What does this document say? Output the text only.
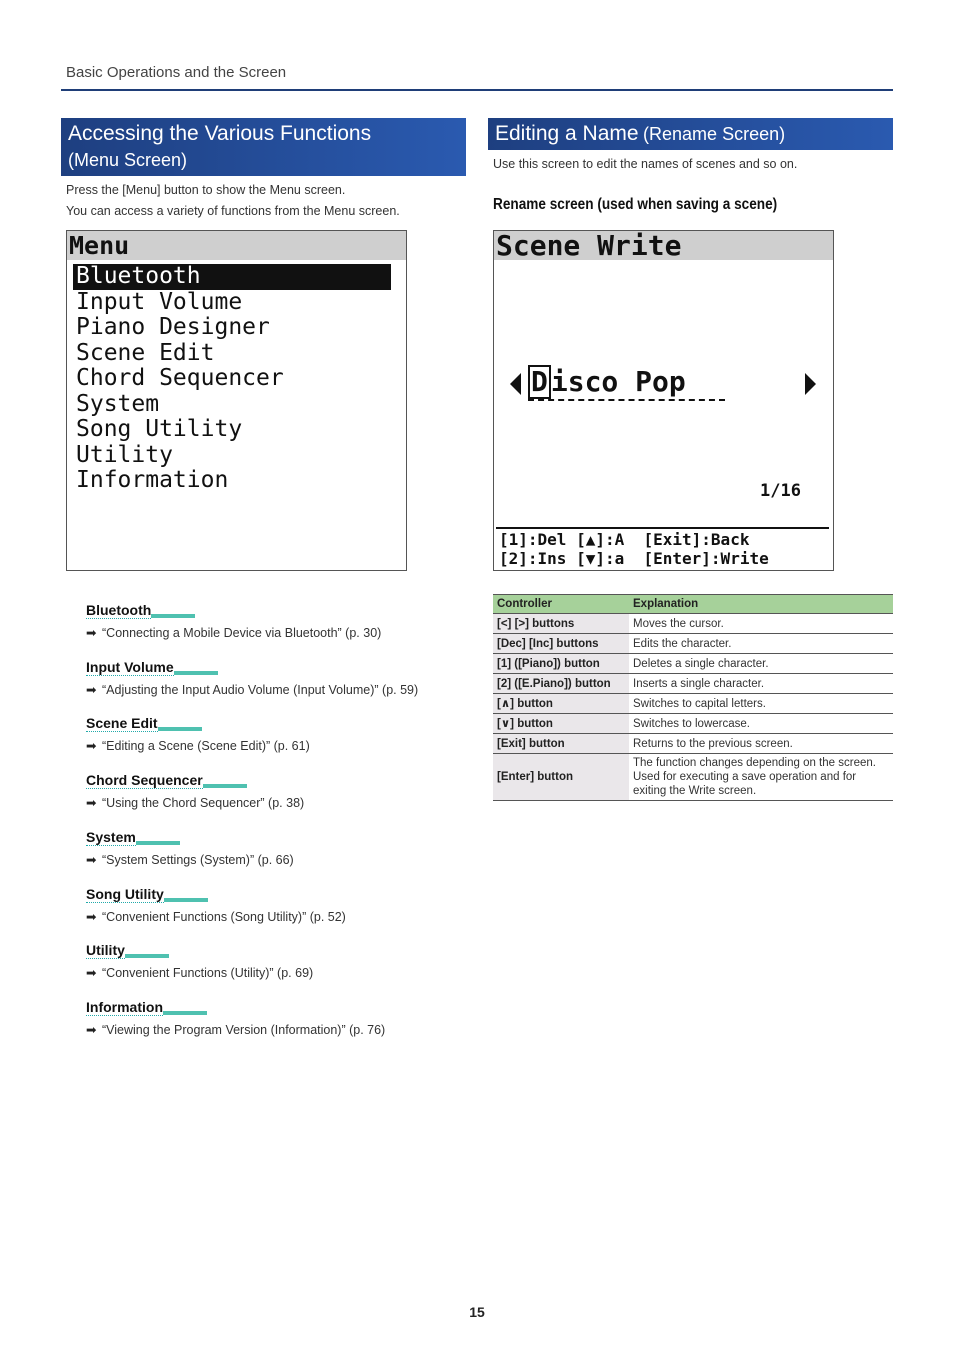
Basic Operations and the Screen
Accessing the Various Functions
(Menu Screen)
Press the [Menu] button to show the Menu screen.
You can access a variety of functions from the Menu screen.
Menu
Bluetooth
Input Volume
Piano Designer
Scene Edit
Chord Sequencer
System
Song Utility
Utility
Information
Editing a Name (Rename Screen)
Use this screen to edit the names of scenes and so on.
Rename screen (used when saving a scene)
Scene Write
D isco Pop
1/16
[1]:Del [▲]:A  [Exit]:Back
[2]:Ins [▼]:a  [Enter]:Write
Controller	Explanation
[<] [>] buttons	Moves the cursor.
[Dec] [Inc] buttons	Edits the character.
[1] ([Piano]) button	Deletes a single character.
[2] ([E.Piano]) button	Inserts a single character.
[∧] button	Switches to capital letters.
[∨] button	Switches to lowercase.
[Exit] button	Returns to the previous screen.
[Enter] button	The function changes depending on the screen. Used for executing a save operation and for exiting the Write screen.
Bluetooth
➡ “Connecting a Mobile Device via Bluetooth” (p. 30)
Input Volume
➡ “Adjusting the Input Audio Volume (Input Volume)” (p. 59)
Scene Edit
➡ “Editing a Scene (Scene Edit)” (p. 61)
Chord Sequencer
➡ “Using the Chord Sequencer” (p. 38)
System
➡ “System Settings (System)” (p. 66)
Song Utility
➡ “Convenient Functions (Song Utility)” (p. 52)
Utility
➡ “Convenient Functions (Utility)” (p. 69)
Information
➡ “Viewing the Program Version (Information)” (p. 76)
15
